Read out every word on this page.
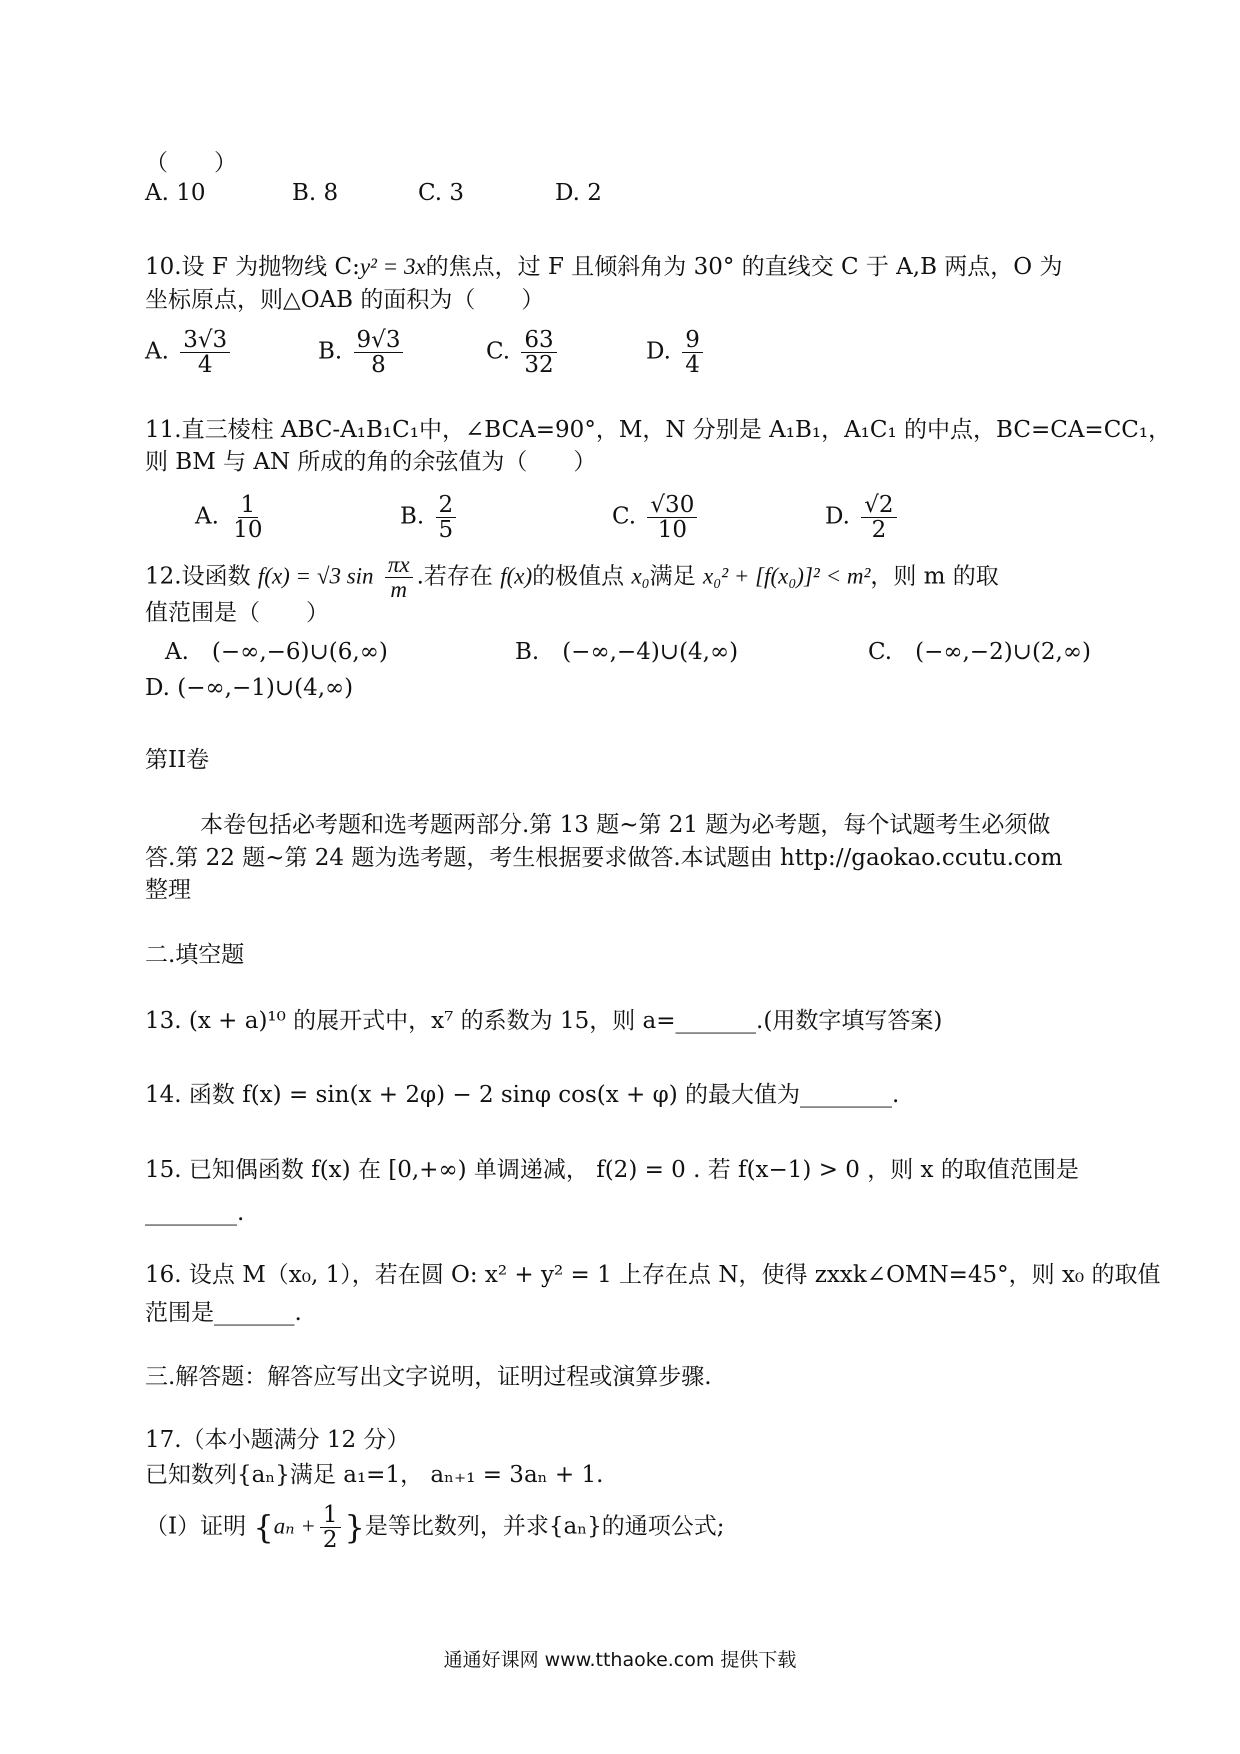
（　　）
A. 10	B. 8	C. 3	D. 2
10.设 F 为抛物线 C:y² = 3x的焦点，过 F 且倾斜角为 30° 的直线交 C 于 A,B 两点，O 为
坐标原点，则△OAB 的面积为（　　）
A. $\frac{3√3}{4}$	B. $\frac{9√3}{8}$	C. $\frac{63}{32}$	D. $\frac{9}{4}$
11.直三棱柱 ABC-A₁B₁C₁中，∠BCA=90°，M，N 分别是 A₁B₁，A₁C₁ 的中点，BC=CA=CC₁，
则 BM 与 AN 所成的角的余弦值为（　　）
A. $\frac{1}{10}$	B. $\frac{2}{5}$	C. $\frac{√30}{10}$	D. $\frac{√2}{2}$
12.设函数 f(x) = √3 $\sin \frac{\pi x}{m}$ .若存在 f(x)的极值点 x₀满足 x₀² + [f(x₀)]² < m²，则 m 的取
值范围是（　　）
A.　(−∞,−6)∪(6,∞)	B.　(−∞,−4)∪(4,∞)	C.　(−∞,−2)∪(2,∞)
D. (−∞,−1)∪(4,∞)
第II卷
本卷包括必考题和选考题两部分.第 13 题~第 21 题为必考题，每个试题考生必须做
答.第 22 题~第 24 题为选考题，考生根据要求做答.本试题由 http://gaokao.ccutu.com
整理
二.填空题
13. (x + a)¹⁰ 的展开式中，x⁷ 的系数为 15，则 a=_______.(用数字填写答案)
14. 函数 f(x) = sin(x + 2φ) − 2 sinφ cos(x + φ) 的最大值为________.
15. 已知偶函数 f(x) 在 [0,+∞) 单调递减， f(2) = 0 . 若 f(x−1) > 0 ，则 x 的取值范围是
________.
16. 设点 M（x₀, 1），若在圆 O: x² + y² = 1 上存在点 N，使得 zxxk∠OMN=45°，则 x₀ 的取值
范围是_______.
三.解答题：解答应写出文字说明，证明过程或演算步骤.
17.（本小题满分 12 分）
已知数列{aₙ}满足 a₁=1， aₙ₊₁ = 3aₙ + 1.
（Ⅰ）证明 {$a_n + \frac{1}{2}$ }是等比数列，并求{aₙ}的通项公式;
通通好课网 www.tthaoke.com 提供下载
